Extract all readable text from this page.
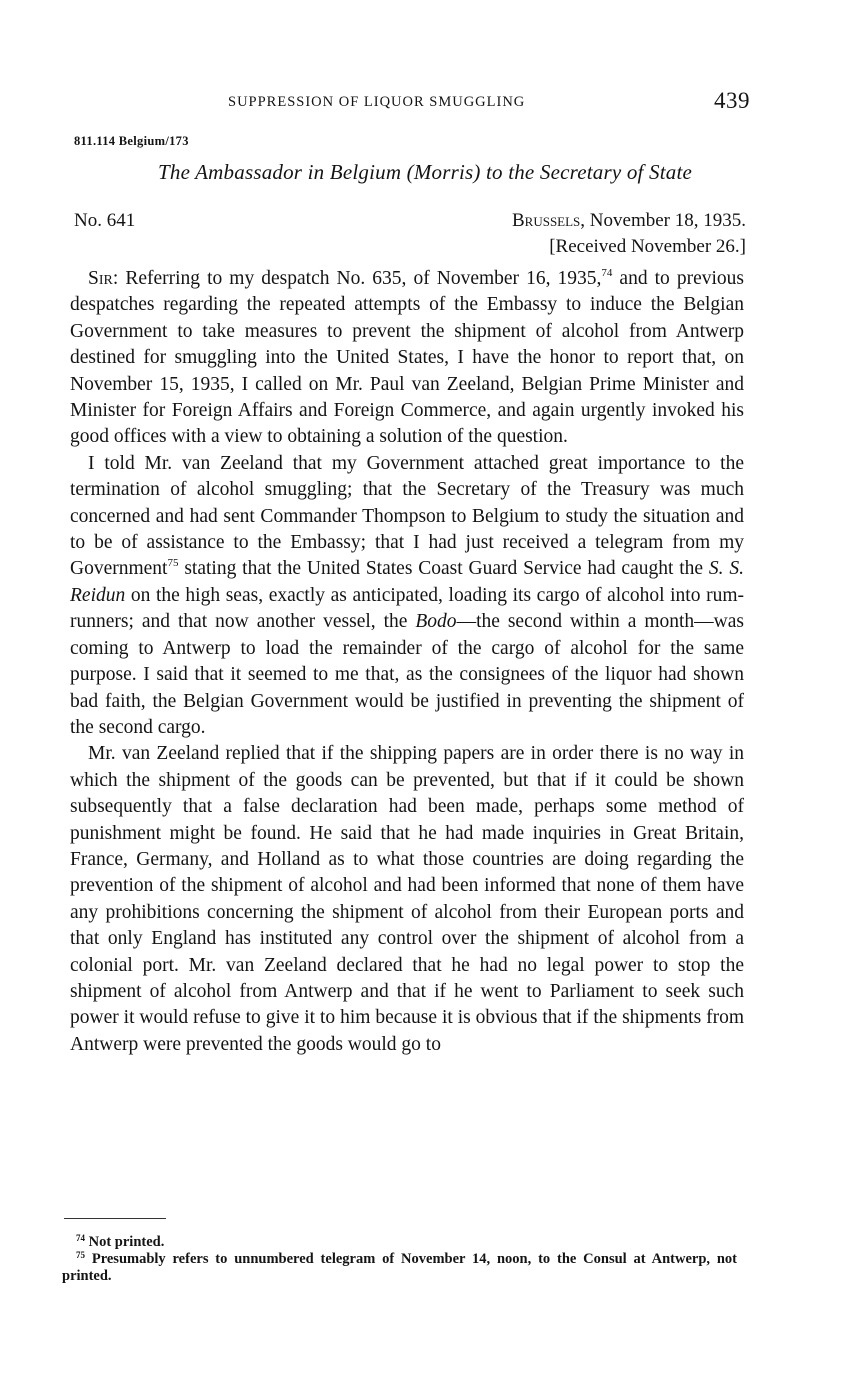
SUPPRESSION OF LIQUOR SMUGGLING	439
811.114 Belgium/173
The Ambassador in Belgium (Morris) to the Secretary of State
No. 641	Brussels, November 18, 1935.
[Received November 26.]

Sir: Referring to my despatch No. 635, of November 16, 1935,74 and to previous despatches regarding the repeated attempts of the Embassy to induce the Belgian Government to take measures to prevent the shipment of alcohol from Antwerp destined for smuggling into the United States, I have the honor to report that, on November 15, 1935, I called on Mr. Paul van Zeeland, Belgian Prime Minister and Minister for Foreign Affairs and Foreign Commerce, and again urgently invoked his good offices with a view to obtaining a solution of the question.

I told Mr. van Zeeland that my Government attached great importance to the termination of alcohol smuggling; that the Secretary of the Treasury was much concerned and had sent Commander Thompson to Belgium to study the situation and to be of assistance to the Embassy; that I had just received a telegram from my Government$^{75}$ stating that the United States Coast Guard Service had caught the S. S. Reidun on the high seas, exactly as anticipated, loading its cargo of alcohol into rum-runners; and that now another vessel, the Bodo—the second within a month—was coming to Antwerp to load the remainder of the cargo of alcohol for the same purpose. I said that it seemed to me that, as the consignees of the liquor had shown bad faith, the Belgian Government would be justified in preventing the shipment of the second cargo.

Mr. van Zeeland replied that if the shipping papers are in order there is no way in which the shipment of the goods can be prevented, but that if it could be shown subsequently that a false declaration had been made, perhaps some method of punishment might be found. He said that he had made inquiries in Great Britain, France, Germany, and Holland as to what those countries are doing regarding the prevention of the shipment of alcohol and had been informed that none of them have any prohibitions concerning the shipment of alcohol from their European ports and that only England has instituted any control over the shipment of alcohol from a colonial port. Mr. van Zeeland declared that he had no legal power to stop the shipment of alcohol from Antwerp and that if he went to Parliament to seek such power it would refuse to give it to him because it is obvious that if the shipments from Antwerp were prevented the goods would go to

$^{74}$ Not printed.

$^{75}$ Presumably refers to unnumbered telegram of November 14, noon, to the Consul at Antwerp, not printed.
